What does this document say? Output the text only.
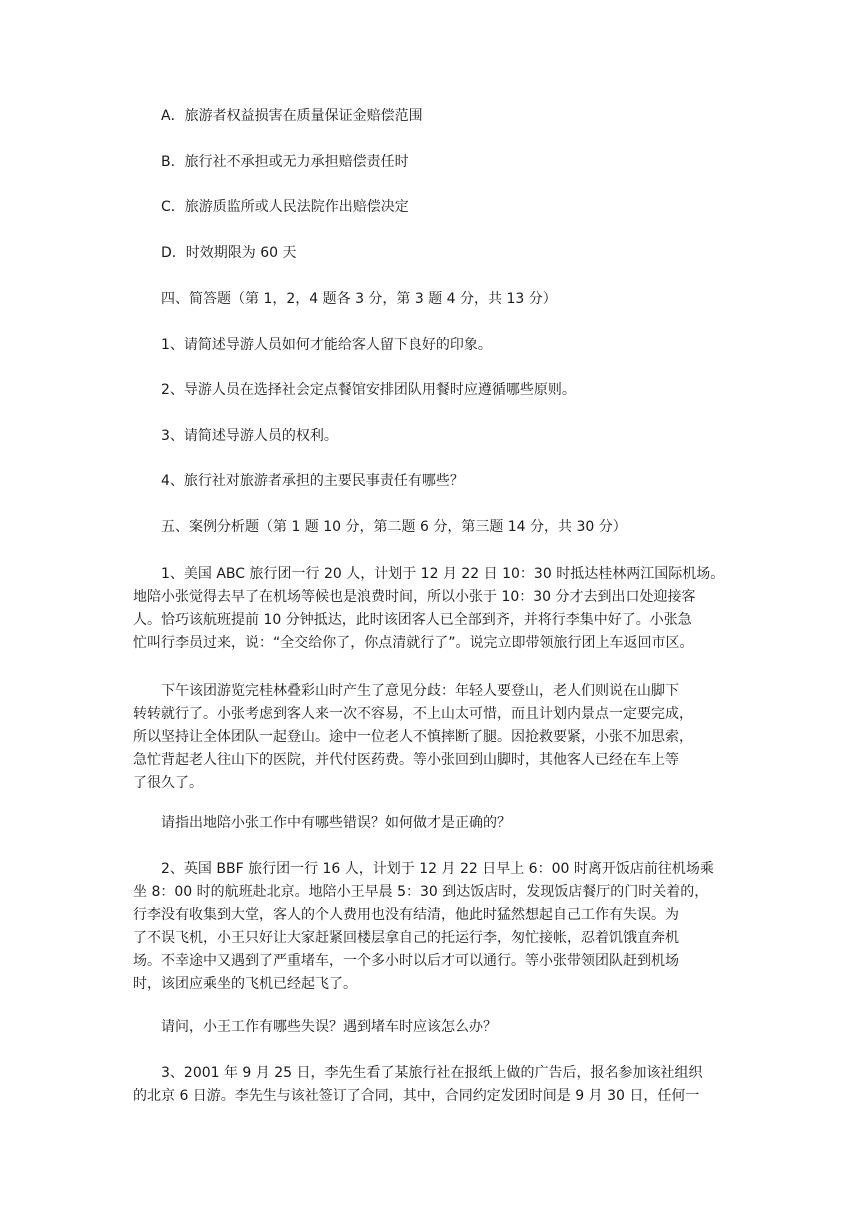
A．旅游者权益损害在质量保证金赔偿范围

B．旅行社不承担或无力承担赔偿责任时

C．旅游质监所或人民法院作出赔偿决定

D．时效期限为 60 天

四、简答题（第 1，2，4 题各 3 分，第 3 题 4 分，共 13 分）

1、请简述导游人员如何才能给客人留下良好的印象。

2、导游人员在选择社会定点餐馆安排团队用餐时应遵循哪些原则。

3、请简述导游人员的权利。

4、旅行社对旅游者承担的主要民事责任有哪些？

五、案例分析题（第 1 题 10 分，第二题 6 分，第三题 14 分，共 30 分）

1、美国 ABC 旅行团一行 20 人，计划于 12 月 22 日 10：30 时抵达桂林两江国际机场。
地陪小张觉得去早了在机场等候也是浪费时间，所以小张于 10：30 分才去到出口处迎接客
人。恰巧该航班提前 10 分钟抵达，此时该团客人已全部到齐，并将行李集中好了。小张急
忙叫行李员过来，说：“全交给你了，你点清就行了”。说完立即带领旅行团上车返回市区。
下午该团游览完桂林叠彩山时产生了意见分歧：年轻人要登山，老人们则说在山脚下
转转就行了。小张考虑到客人来一次不容易，不上山太可惜，而且计划内景点一定要完成，
所以坚持让全体团队一起登山。途中一位老人不慎摔断了腿。因抢救要紧，小张不加思索，
急忙背起老人往山下的医院，并代付医药费。等小张回到山脚时，其他客人已经在车上等
了很久了。

请指出地陪小张工作中有哪些错误？如何做才是正确的？

2、英国 BBF 旅行团一行 16 人，计划于 12 月 22 日早上 6：00 时离开饭店前往机场乘
坐 8：00 时的航班赴北京。地陪小王早晨 5：30 到达饭店时，发现饭店餐厅的门时关着的，
行李没有收集到大堂，客人的个人费用也没有结清，他此时猛然想起自己工作有失误。为
了不误飞机，小王只好让大家赶紧回楼层拿自己的托运行李，匆忙接帐，忍着饥饿直奔机
场。不幸途中又遇到了严重堵车，一个多小时以后才可以通行。等小张带领团队赶到机场
时，该团应乘坐的飞机已经起飞了。

请问，小王工作有哪些失误？遇到堵车时应该怎么办？

3、2001 年 9 月 25 日，李先生看了某旅行社在报纸上做的广告后，报名参加该社组织
的北京 6 日游。李先生与该社签订了合同，其中，合同约定发团时间是 9 月 30 日，任何一
